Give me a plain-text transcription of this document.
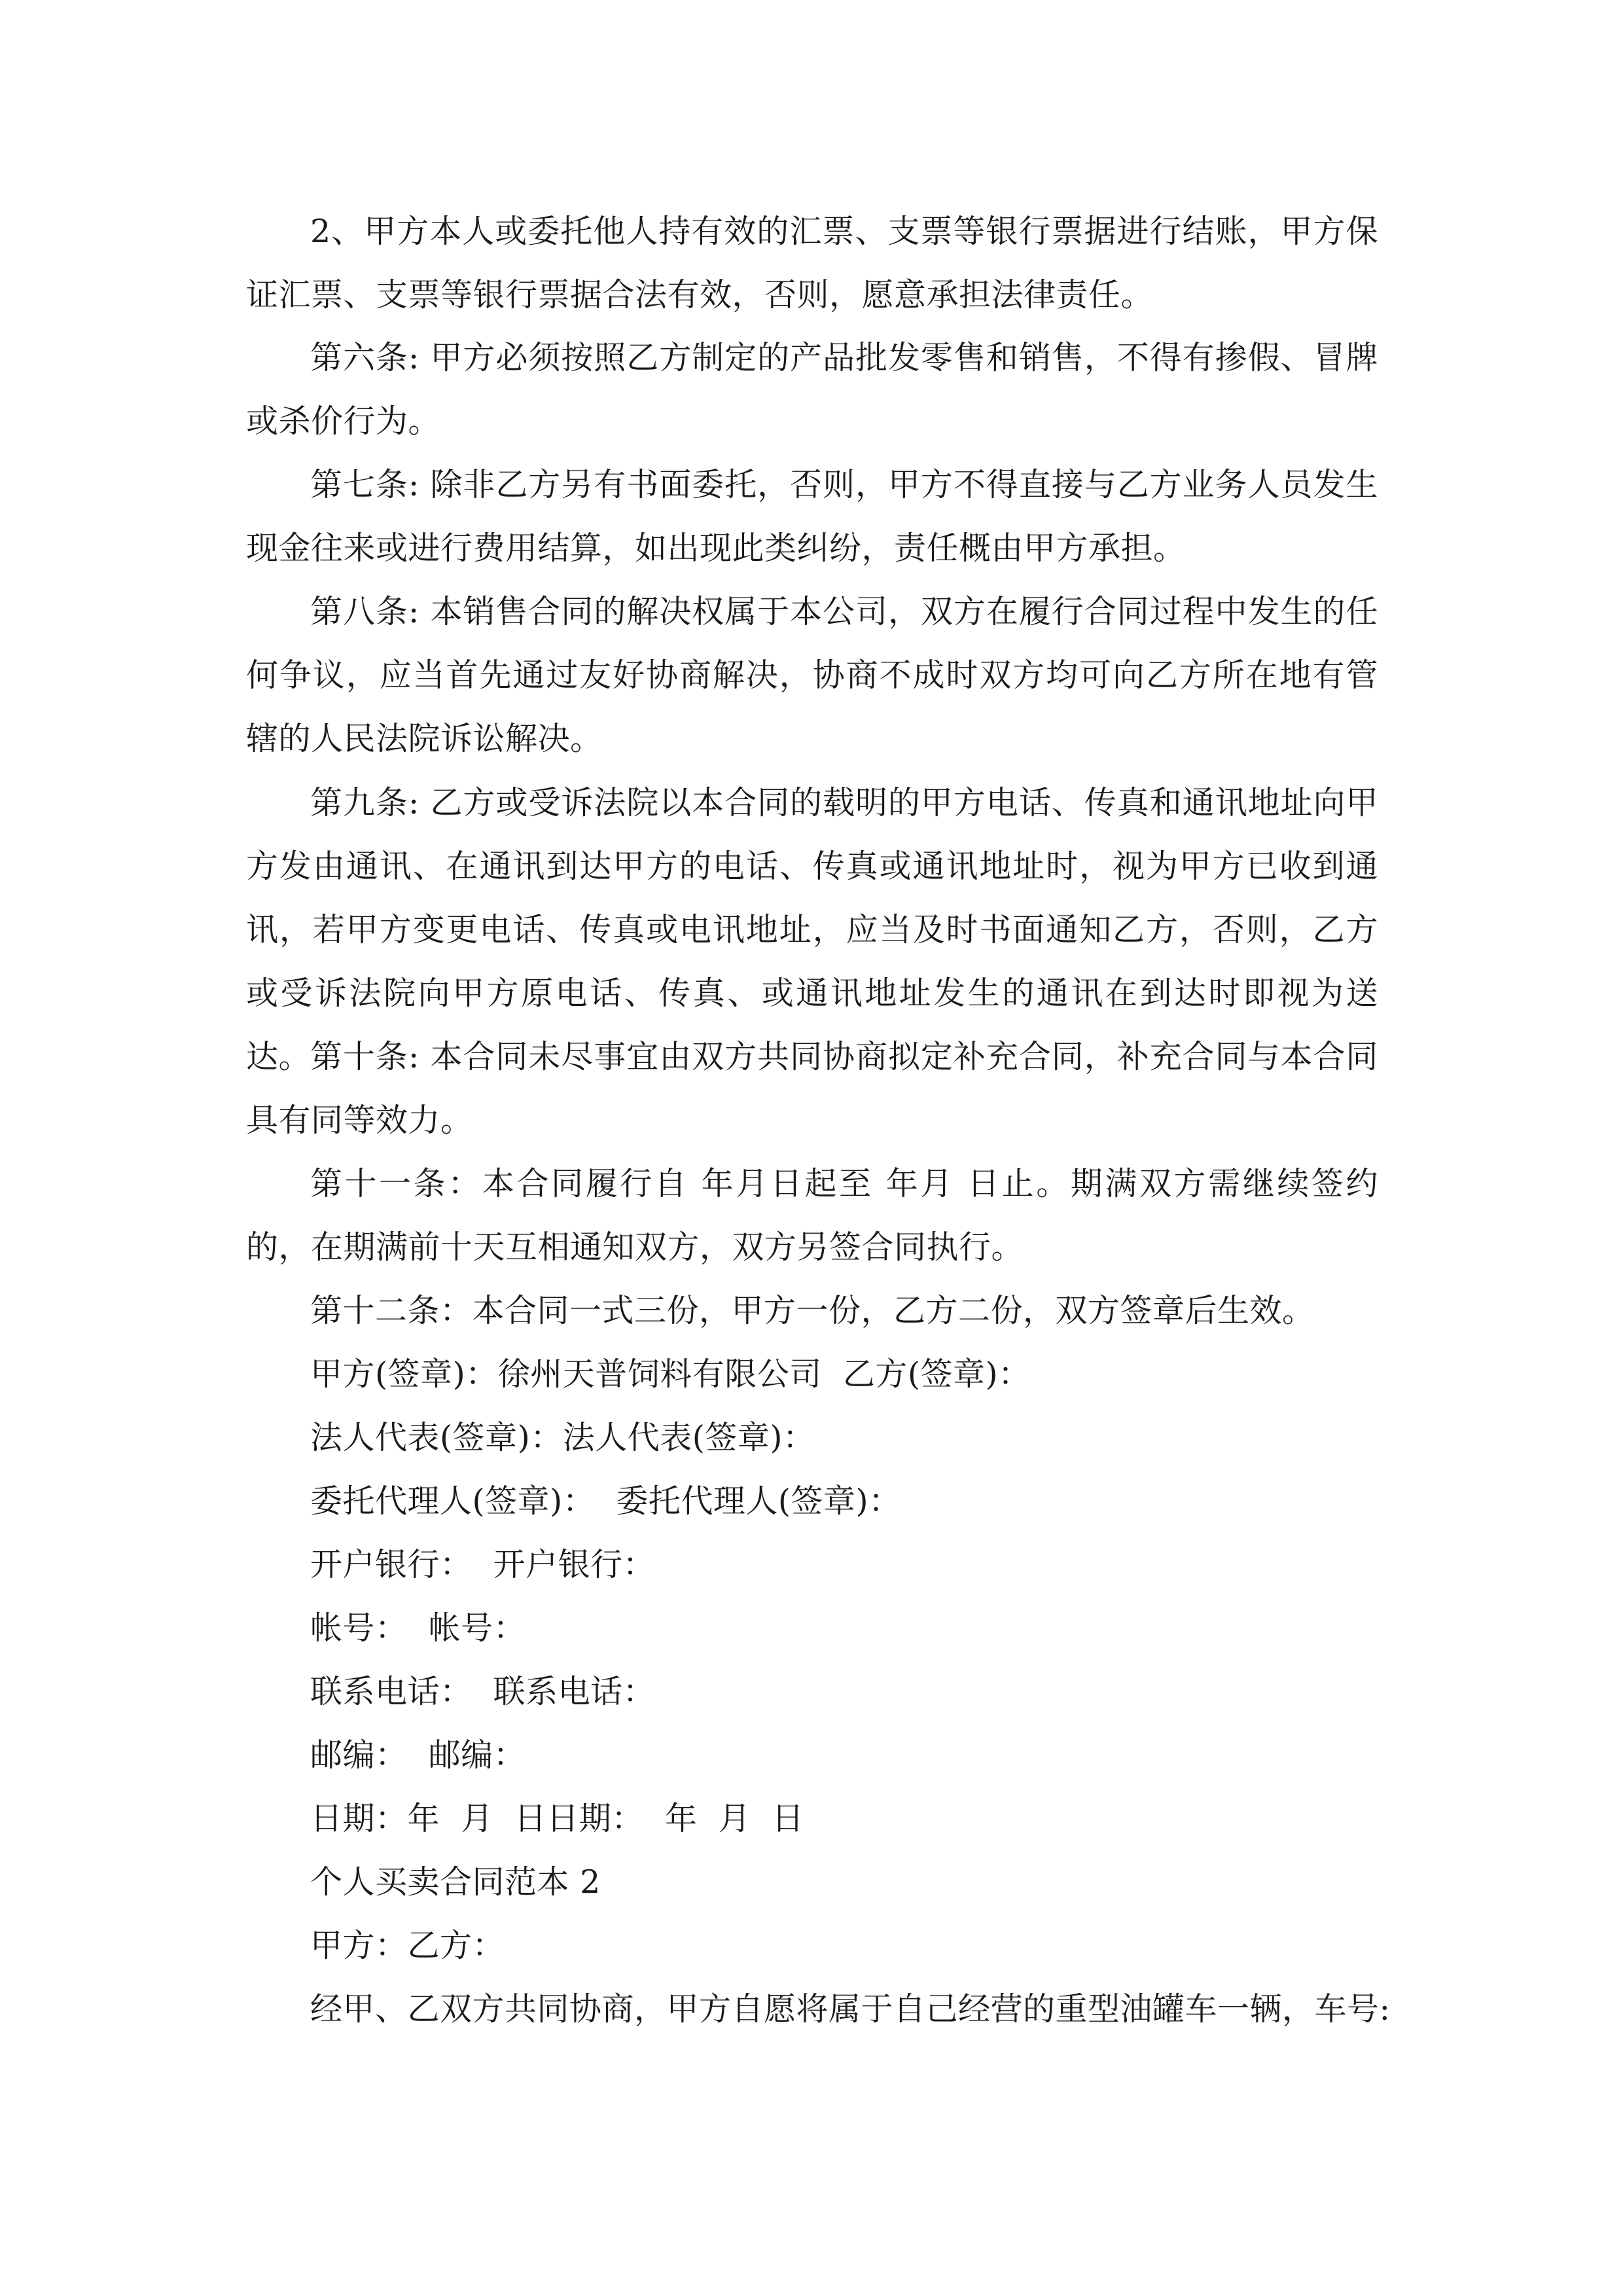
2、甲方本人或委托他人持有效的汇票、支票等银行票据进行结账，甲方保证汇票、支票等银行票据合法有效，否则，愿意承担法律责任。

第六条: 甲方必须按照乙方制定的产品批发零售和销售，不得有掺假、冒牌或杀价行为。

第七条: 除非乙方另有书面委托，否则，甲方不得直接与乙方业务人员发生现金往来或进行费用结算，如出现此类纠纷，责任概由甲方承担。

第八条: 本销售合同的解决权属于本公司，双方在履行合同过程中发生的任何争议，应当首先通过友好协商解决，协商不成时双方均可向乙方所在地有管辖的人民法院诉讼解决。

第九条: 乙方或受诉法院以本合同的载明的甲方电话、传真和通讯地址向甲方发由通讯、在通讯到达甲方的电话、传真或通讯地址时，视为甲方已收到通讯，若甲方变更电话、传真或电讯地址，应当及时书面通知乙方，否则，乙方或受诉法院向甲方原电话、传真、或通讯地址发生的通讯在到达时即视为送达。

第十条: 本合同未尽事宜由双方共同协商拟定补充合同，补充合同与本合同具有同等效力。

第十一条：本合同履行自 年月日起至 年月 日止。期满双方需继续签约的，在期满前十天互相通知双方，双方另签合同执行。

第十二条：本合同一式三份，甲方一份，乙方二份，双方签章后生效。

甲方(签章)：徐州天普饲料有限公司  乙方(签章)：

法人代表(签章)：法人代表(签章)：

委托代理人(签章)：  委托代理人(签章)：

开户银行：  开户银行：

帐号：  帐号：

联系电话：  联系电话：

邮编：  邮编：

日期：年  月  日日期：  年  月  日

个人买卖合同范本 2

甲方：乙方：

经甲、乙双方共同协商，甲方自愿将属于自己经营的重型油罐车一辆，车号:
